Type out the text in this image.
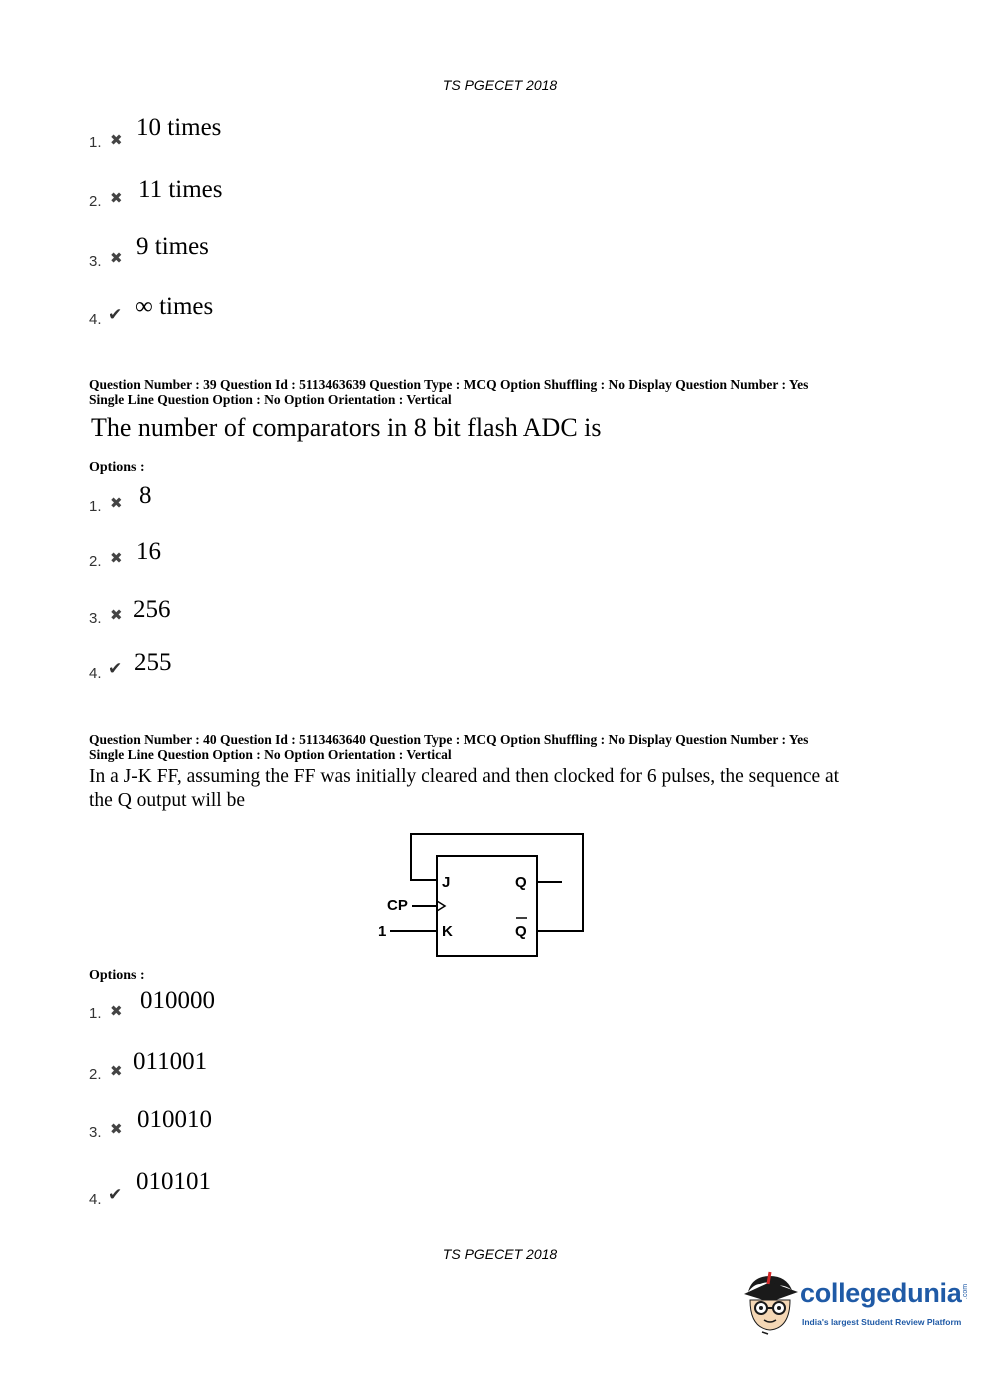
TS PGECET 2018
1. ✖ 10 times
2. ✖ 11 times
3. ✖ 9 times
4. ✔ ∞ times
Question Number : 39 Question Id : 5113463639 Question Type : MCQ Option Shuffling : No Display Question Number : Yes
Single Line Question Option : No Option Orientation : Vertical
The number of comparators in 8 bit flash ADC is
Options :
1. ✖ 8
2. ✖ 16
3. ✖ 256
4. ✔ 255
Question Number : 40 Question Id : 5113463640 Question Type : MCQ Option Shuffling : No Display Question Number : Yes
Single Line Question Option : No Option Orientation : Vertical
In a J-K FF, assuming the FF was initially cleared and then clocked for 6 pulses, the sequence at
the Q output will be
J	Q
K	Q
CP
1
Options :
1. ✖ 010000
2. ✖ 011001
3. ✖ 010010
4. ✔ 010101
TS PGECET 2018
collegedunia .com
India's largest Student Review Platform
